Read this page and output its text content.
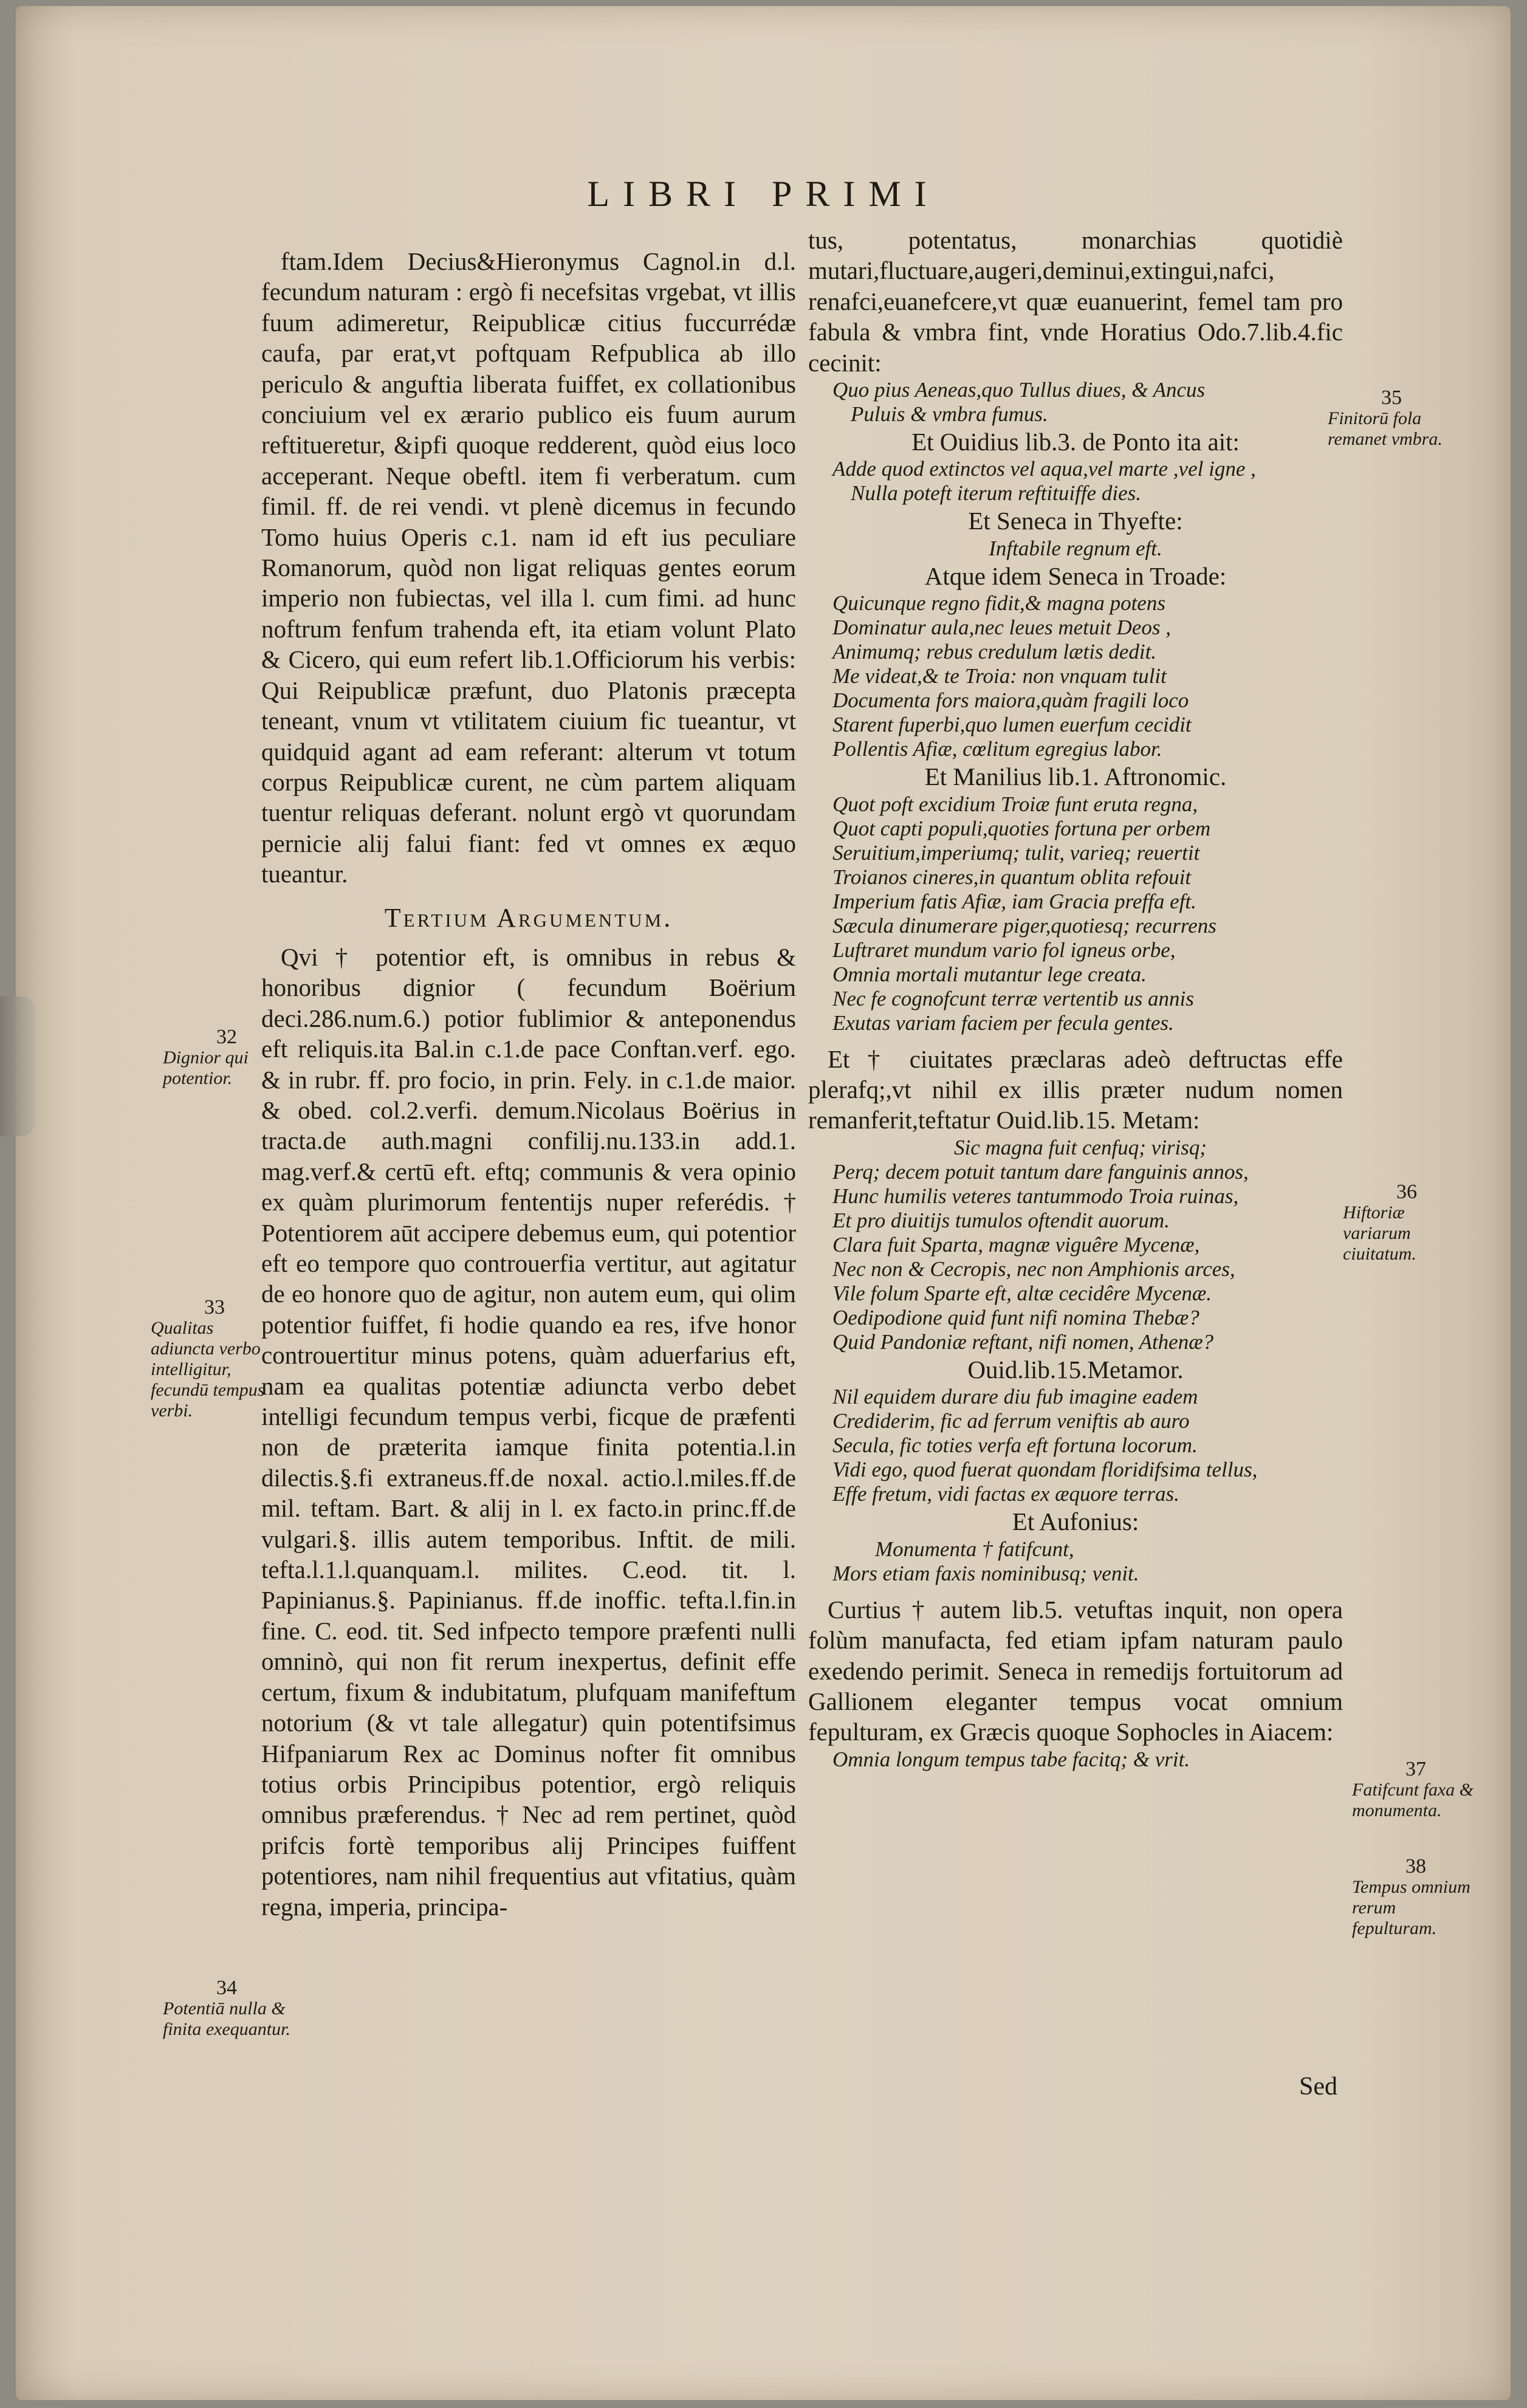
LIBRI PRIMI

ftam.Idem Decius&Hieronymus Cagnol.in d.l. fecundum naturam : ergò fi necefsitas vrgebat, vt illis fuum adimeretur, Reipublicæ citius fuccurrédæ caufa, par erat,vt poftquam Refpublica ab illo periculo & anguftia liberata fuiffet, ex collationibus conciuium vel ex ærario publico eis fuum aurum reftitueretur, &ipfi quoque redderent, quòd eius loco acceperant. Neque obeftl. item fi verberatum. cum fimil. ff. de rei vendi. vt plenè dicemus in fecundo Tomo huius Operis c.1. nam id eft ius peculiare Romanorum, quòd non ligat reliquas gentes eorum imperio non fubiectas, vel illa l. cum fimi. ad hunc noftrum fenfum trahenda eft, ita etiam volunt Plato & Cicero, qui eum refert lib.1.Officiorum his verbis: Qui Reipublicæ præfunt, duo Platonis præcepta teneant, vnum vt vtilitatem ciuium fic tueantur, vt quidquid agant ad eam referant: alterum vt totum corpus Reipublicæ curent, ne cùm partem aliquam tuentur reliquas deferant. nolunt ergò vt quorundam pernicie alij falui fiant: fed vt omnes ex æquo tueantur.

Tertium Argumentum.

Qvi † potentior eft, is omnibus in rebus & honoribus dignior ( fecundum Boërium deci.286.num.6.) potior fublimior & anteponendus eft reliquis.ita Bal.in c.1.de pace Conftan.verf. ego. & in rubr. ff. pro focio, in prin. Fely. in c.1.de maior. & obed. col.2.verfi. demum.Nicolaus Boërius in tracta.de auth.magni confilij.nu.133.in add.1. mag.verf.& certū eft. eftq; communis & vera opinio ex quàm plurimorum fententijs nuper referédis. † Potentiorem aūt accipere debemus eum, qui potentior eft eo tempore quo controuerfia vertitur, aut agitatur de eo honore quo de agitur, non autem eum, qui olim potentior fuiffet, fi hodie quando ea res, ifve honor controuertitur minus potens, quàm aduerfarius eft, nam ea qualitas potentiæ adiuncta verbo debet intelligi fecundum tempus verbi, ficque de præfenti non de præterita iamque finita potentia.l.in dilectis.§.fi extraneus.ff.de noxal. actio.l.miles.ff.de mil. teftam. Bart. & alij in l. ex facto.in princ.ff.de vulgari.§. illis autem temporibus. Inftit. de mili. tefta.l.1.l.quanquam.l. milites. C.eod. tit. l. Papinianus.§. Papinianus. ff.de inoffic. tefta.l.fin.in fine. C. eod. tit. Sed infpecto tempore præfenti nulli omninò, qui non fit rerum inexpertus, definit effe certum, fixum & indubitatum, plufquam manifeftum notorium (& vt tale allegatur) quin potentifsimus Hifpaniarum Rex ac Dominus nofter fit omnibus totius orbis Principibus potentior, ergò reliquis omnibus præferendus. † Nec ad rem pertinet, quòd prifcis fortè temporibus alij Principes fuiffent potentiores, nam nihil frequentius aut vfitatius, quàm regna, imperia, principa-

tus, potentatus, monarchias quotidiè mutari,fluctuare,augeri,deminui,extingui,nafci, renafci,euanefcere,vt quæ euanuerint, femel tam pro fabula & vmbra fint, vnde Horatius Odo.7.lib.4.fic cecinit:

Quo pius Aeneas,quo Tullus diues, & Ancus
Puluis & vmbra fumus.

Et Ouidius lib.3. de Ponto ita ait:

Adde quod extinctos vel aqua,vel marte ,vel igne ,
Nulla poteft iterum reftituiffe dies.

Et Seneca in Thyefte:

Inftabile regnum eft.

Atque idem Seneca in Troade:

Quicunque regno fidit,& magna potens
Dominatur aula,nec leues metuit Deos ,
Animumq; rebus credulum lætis dedit.
Me videat,& te Troia: non vnquam tulit
Documenta fors maiora,quàm fragili loco
Starent fuperbi,quo lumen euerfum cecidit
Pollentis Afiæ, cœlitum egregius labor.

Et Manilius lib.1. Aftronomic.

Quot poft excidium Troiæ funt eruta regna,
Quot capti populi,quoties fortuna per orbem
Seruitium,imperiumq; tulit, varieq; reuertit
Troianos cineres,in quantum oblita refouit
Imperium fatis Afiæ, iam Gracia preffa eft.
Sæcula dinumerare piger,quotiesq; recurrens
Luftraret mundum vario fol igneus orbe,
Omnia mortali mutantur lege creata.
Nec fe cognofcunt terræ vertentib us annis
Exutas variam faciem per fecula gentes.

Et † ciuitates præclaras adeò deftructas effe plerafq;,vt nihil ex illis præter nudum nomen remanferit,teftatur Ouid.lib.15. Metam:

Sic magna fuit cenfuq; virisq;
Perq; decem potuit tantum dare fanguinis annos,
Hunc humilis veteres tantummodo Troia ruinas,
Et pro diuitijs tumulos oftendit auorum.
Clara fuit Sparta, magnæ viguêre Mycenæ,
Nec non & Cecropis, nec non Amphionis arces,
Vile folum Sparte eft, altæ cecidêre Mycenæ.
Oedipodione quid funt nifi nomina Thebæ?
Quid Pandoniæ reftant, nifi nomen, Athenæ?

Ouid.lib.15.Metamor.

Nil equidem durare diu fub imagine eadem
Crediderim, fic ad ferrum veniftis ab auro
Secula, fic toties verfa eft fortuna locorum.
Vidi ego, quod fuerat quondam floridifsima tellus,
Effe fretum, vidi factas ex æquore terras.

Et Aufonius:

Monumenta † fatifcunt,
Mors etiam faxis nominibusq; venit.

Curtius † autem lib.5. vetuftas inquit, non opera folùm manufacta, fed etiam ipfam naturam paulo exedendo perimit. Seneca in remedijs fortuitorum ad Gallionem eleganter tempus vocat omnium fepulturam, ex Græcis quoque Sophocles in Aiacem:

Omnia longum tempus tabe facitq; & vrit.
32
Dignior qui potentior.
33
Qualitas adiuncta verbo intelligitur, fecundū tempus verbi.
34
Potentiā nulla & finita exequantur.
35
Finitorū fola remanet vmbra.
36
Hiftoriæ variarum ciuitatum.
37
Fatifcunt faxa & monumenta.
38
Tempus omnium rerum fepulturam.
Sed
